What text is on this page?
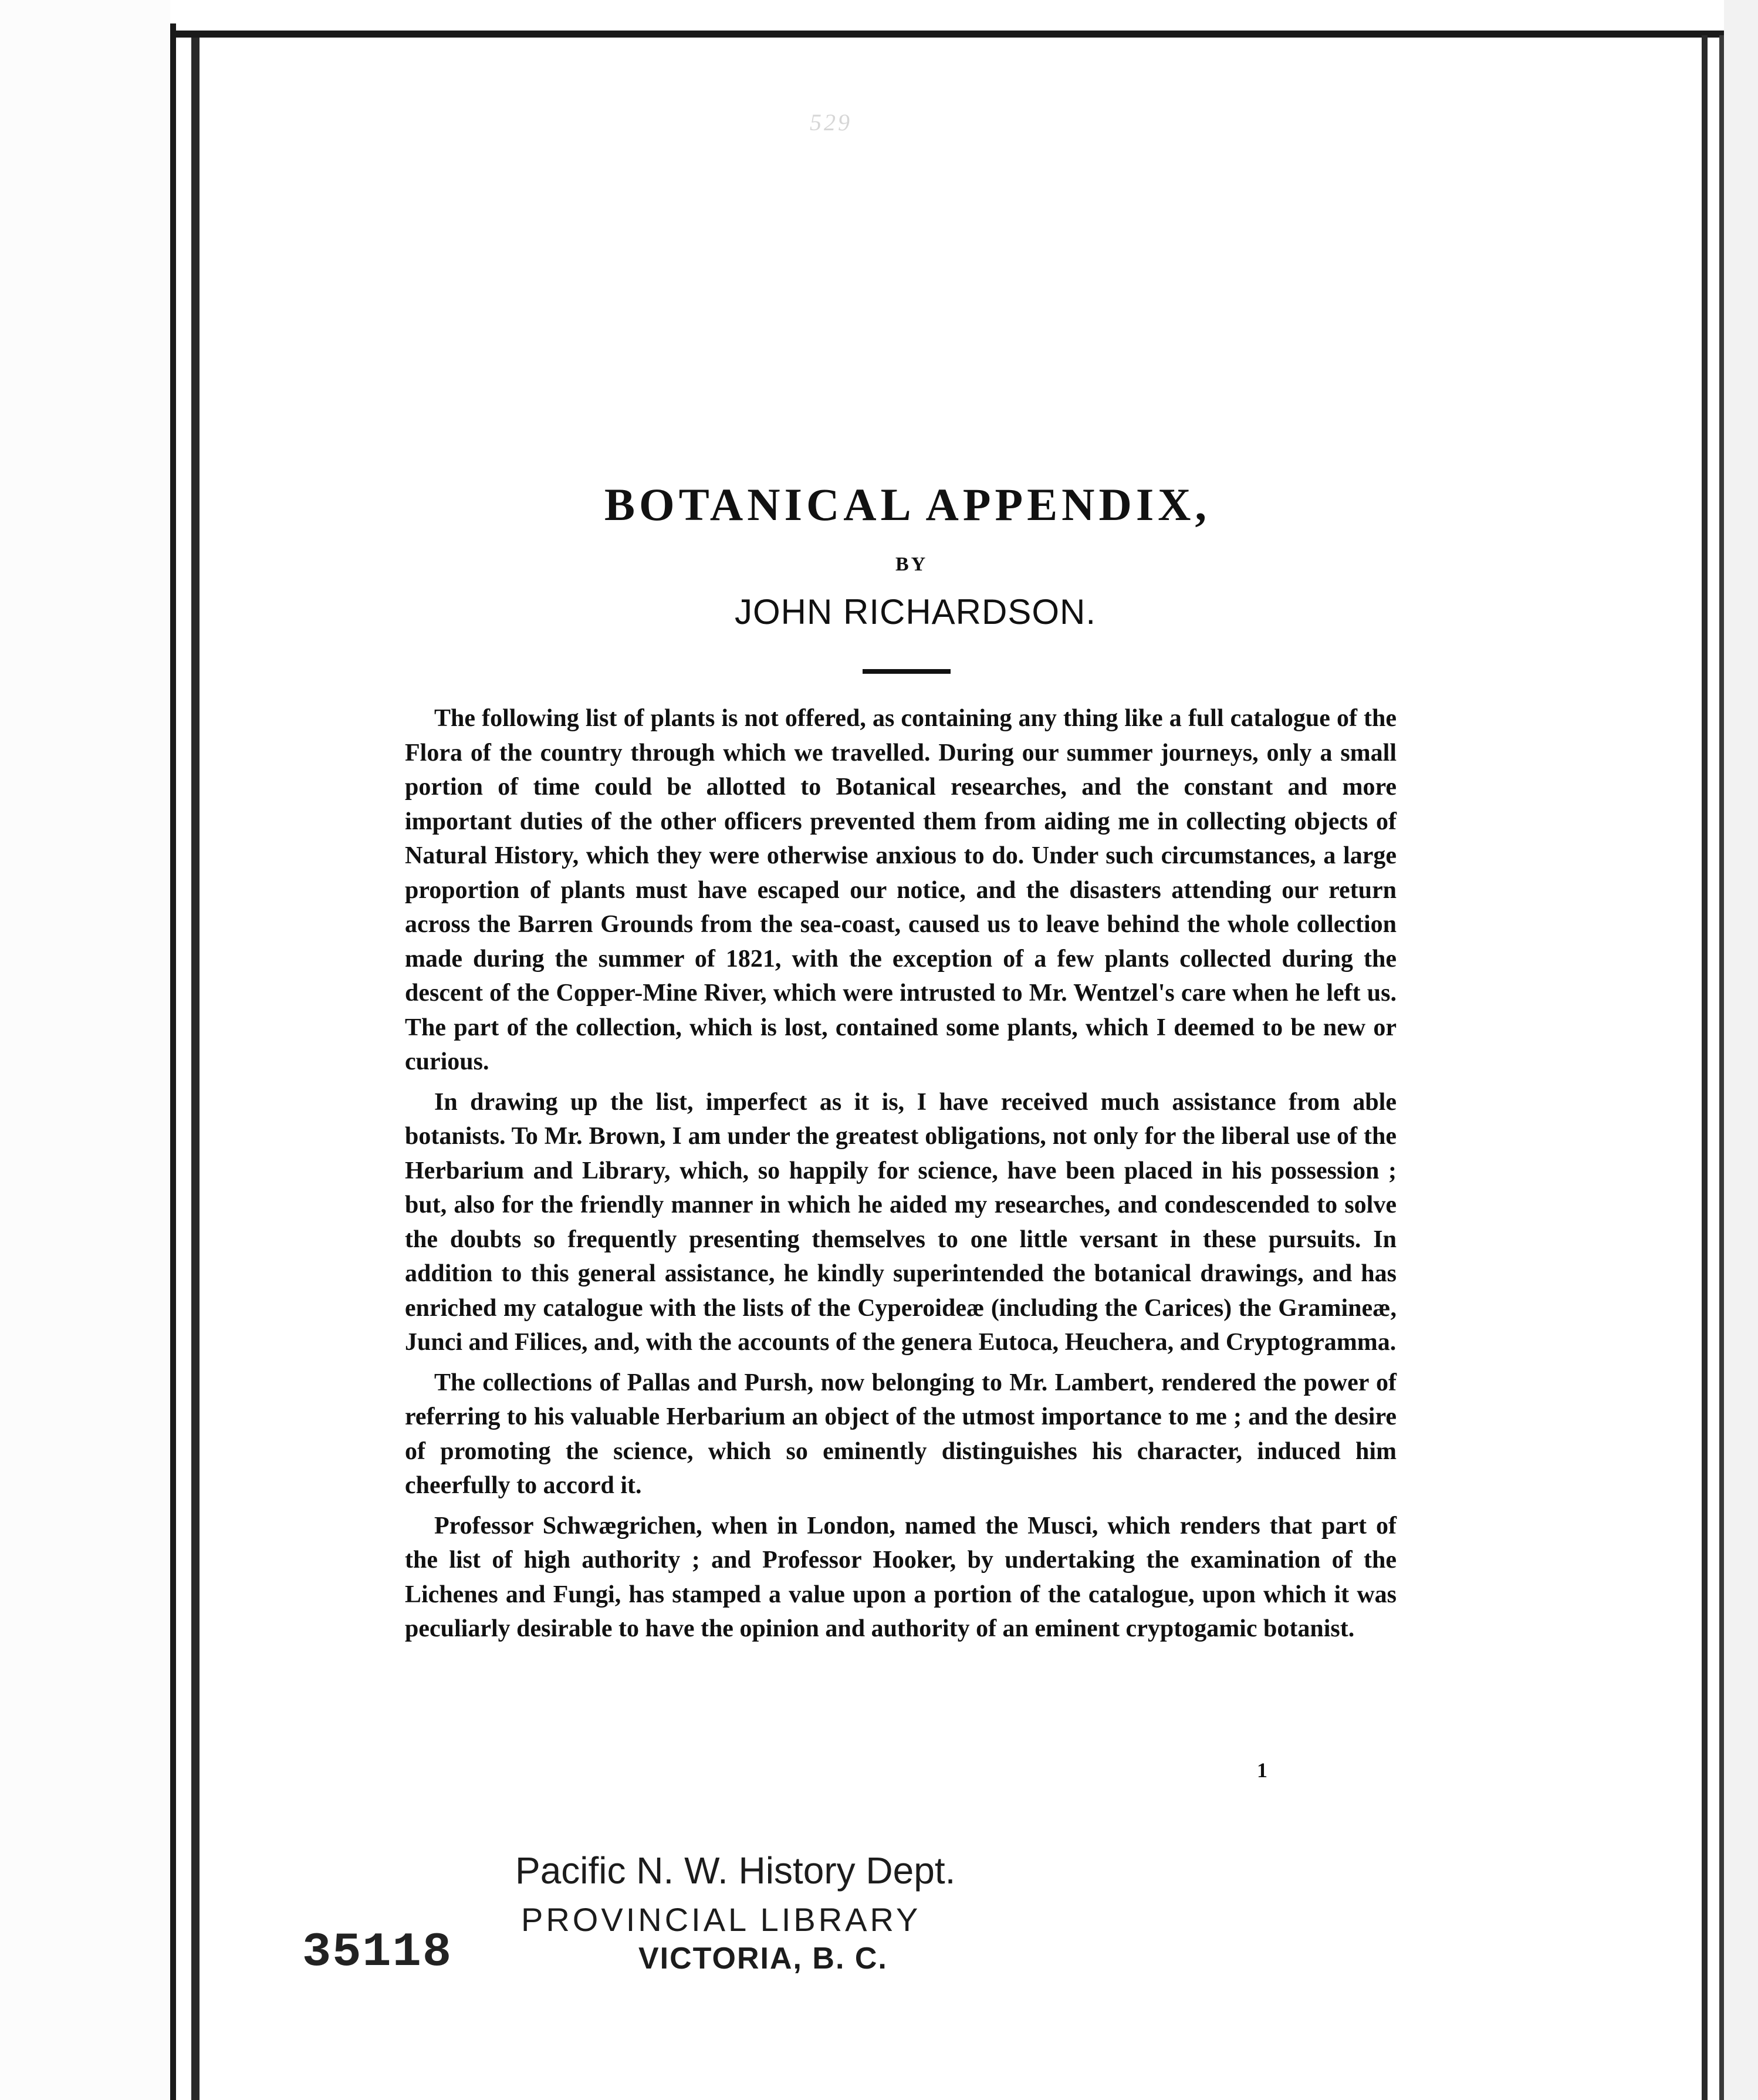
529
BOTANICAL APPENDIX,
BY
JOHN RICHARDSON.

The following list of plants is not offered, as containing any thing like a full catalogue of the Flora of the country through which we travelled. During our summer journeys, only a small portion of time could be allotted to Botanical researches, and the constant and more important duties of the other officers prevented them from aiding me in collecting objects of Natural History, which they were otherwise anxious to do. Under such circumstances, a large proportion of plants must have escaped our notice, and the disasters attending our return across the Barren Grounds from the sea-coast, caused us to leave behind the whole collection made during the summer of 1821, with the exception of a few plants collected during the descent of the Copper-Mine River, which were intrusted to Mr. Wentzel's care when he left us. The part of the collection, which is lost, contained some plants, which I deemed to be new or curious.

In drawing up the list, imperfect as it is, I have received much assistance from able botanists. To Mr. Brown, I am under the greatest obligations, not only for the liberal use of the Herbarium and Library, which, so happily for science, have been placed in his possession ; but, also for the friendly manner in which he aided my researches, and condescended to solve the doubts so frequently presenting themselves to one little versant in these pursuits. In addition to this general assistance, he kindly superintended the botanical drawings, and has enriched my catalogue with the lists of the Cyperoideæ (including the Carices) the Gramineæ, Junci and Filices, and, with the accounts of the genera Eutoca, Heuchera, and Cryptogramma.

The collections of Pallas and Pursh, now belonging to Mr. Lambert, rendered the power of referring to his valuable Herbarium an object of the utmost importance to me ; and the desire of promoting the science, which so eminently distinguishes his character, induced him cheerfully to accord it.

Professor Schwægrichen, when in London, named the Musci, which renders that part of the list of high authority ; and Professor Hooker, by undertaking the examination of the Lichenes and Fungi, has stamped a value upon a portion of the catalogue, upon which it was peculiarly desirable to have the opinion and authority of an eminent cryptogamic botanist.

1
Pacific N. W. History Dept.
PROVINCIAL LIBRARY
VICTORIA, B. C.
35118
